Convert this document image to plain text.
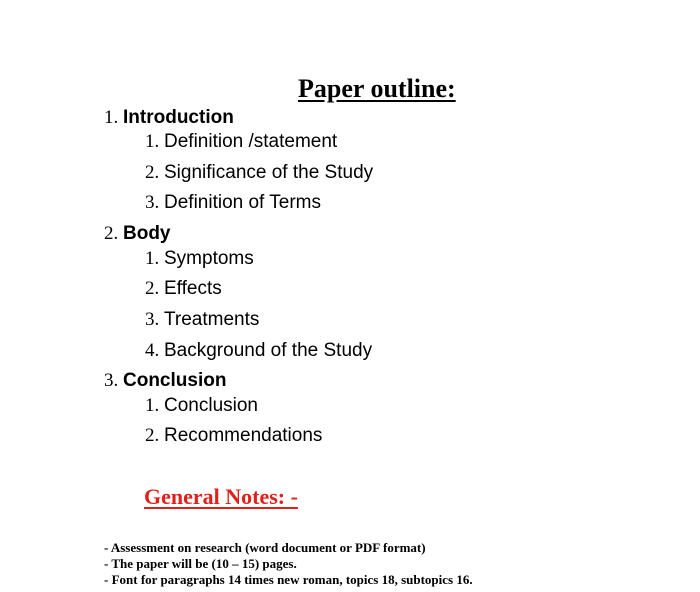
Paper outline:
1. Introduction
1. Definition /statement
2. Significance of the Study
3. Definition of Terms
2. Body
1. Symptoms
2. Effects
3. Treatments
4. Background of the Study
3. Conclusion
1. Conclusion
2. Recommendations
General Notes: -
- Assessment on research (word document or PDF format)
- The paper will be (10 – 15) pages.
- Font for paragraphs 14 times new roman, topics 18, subtopics 16.
